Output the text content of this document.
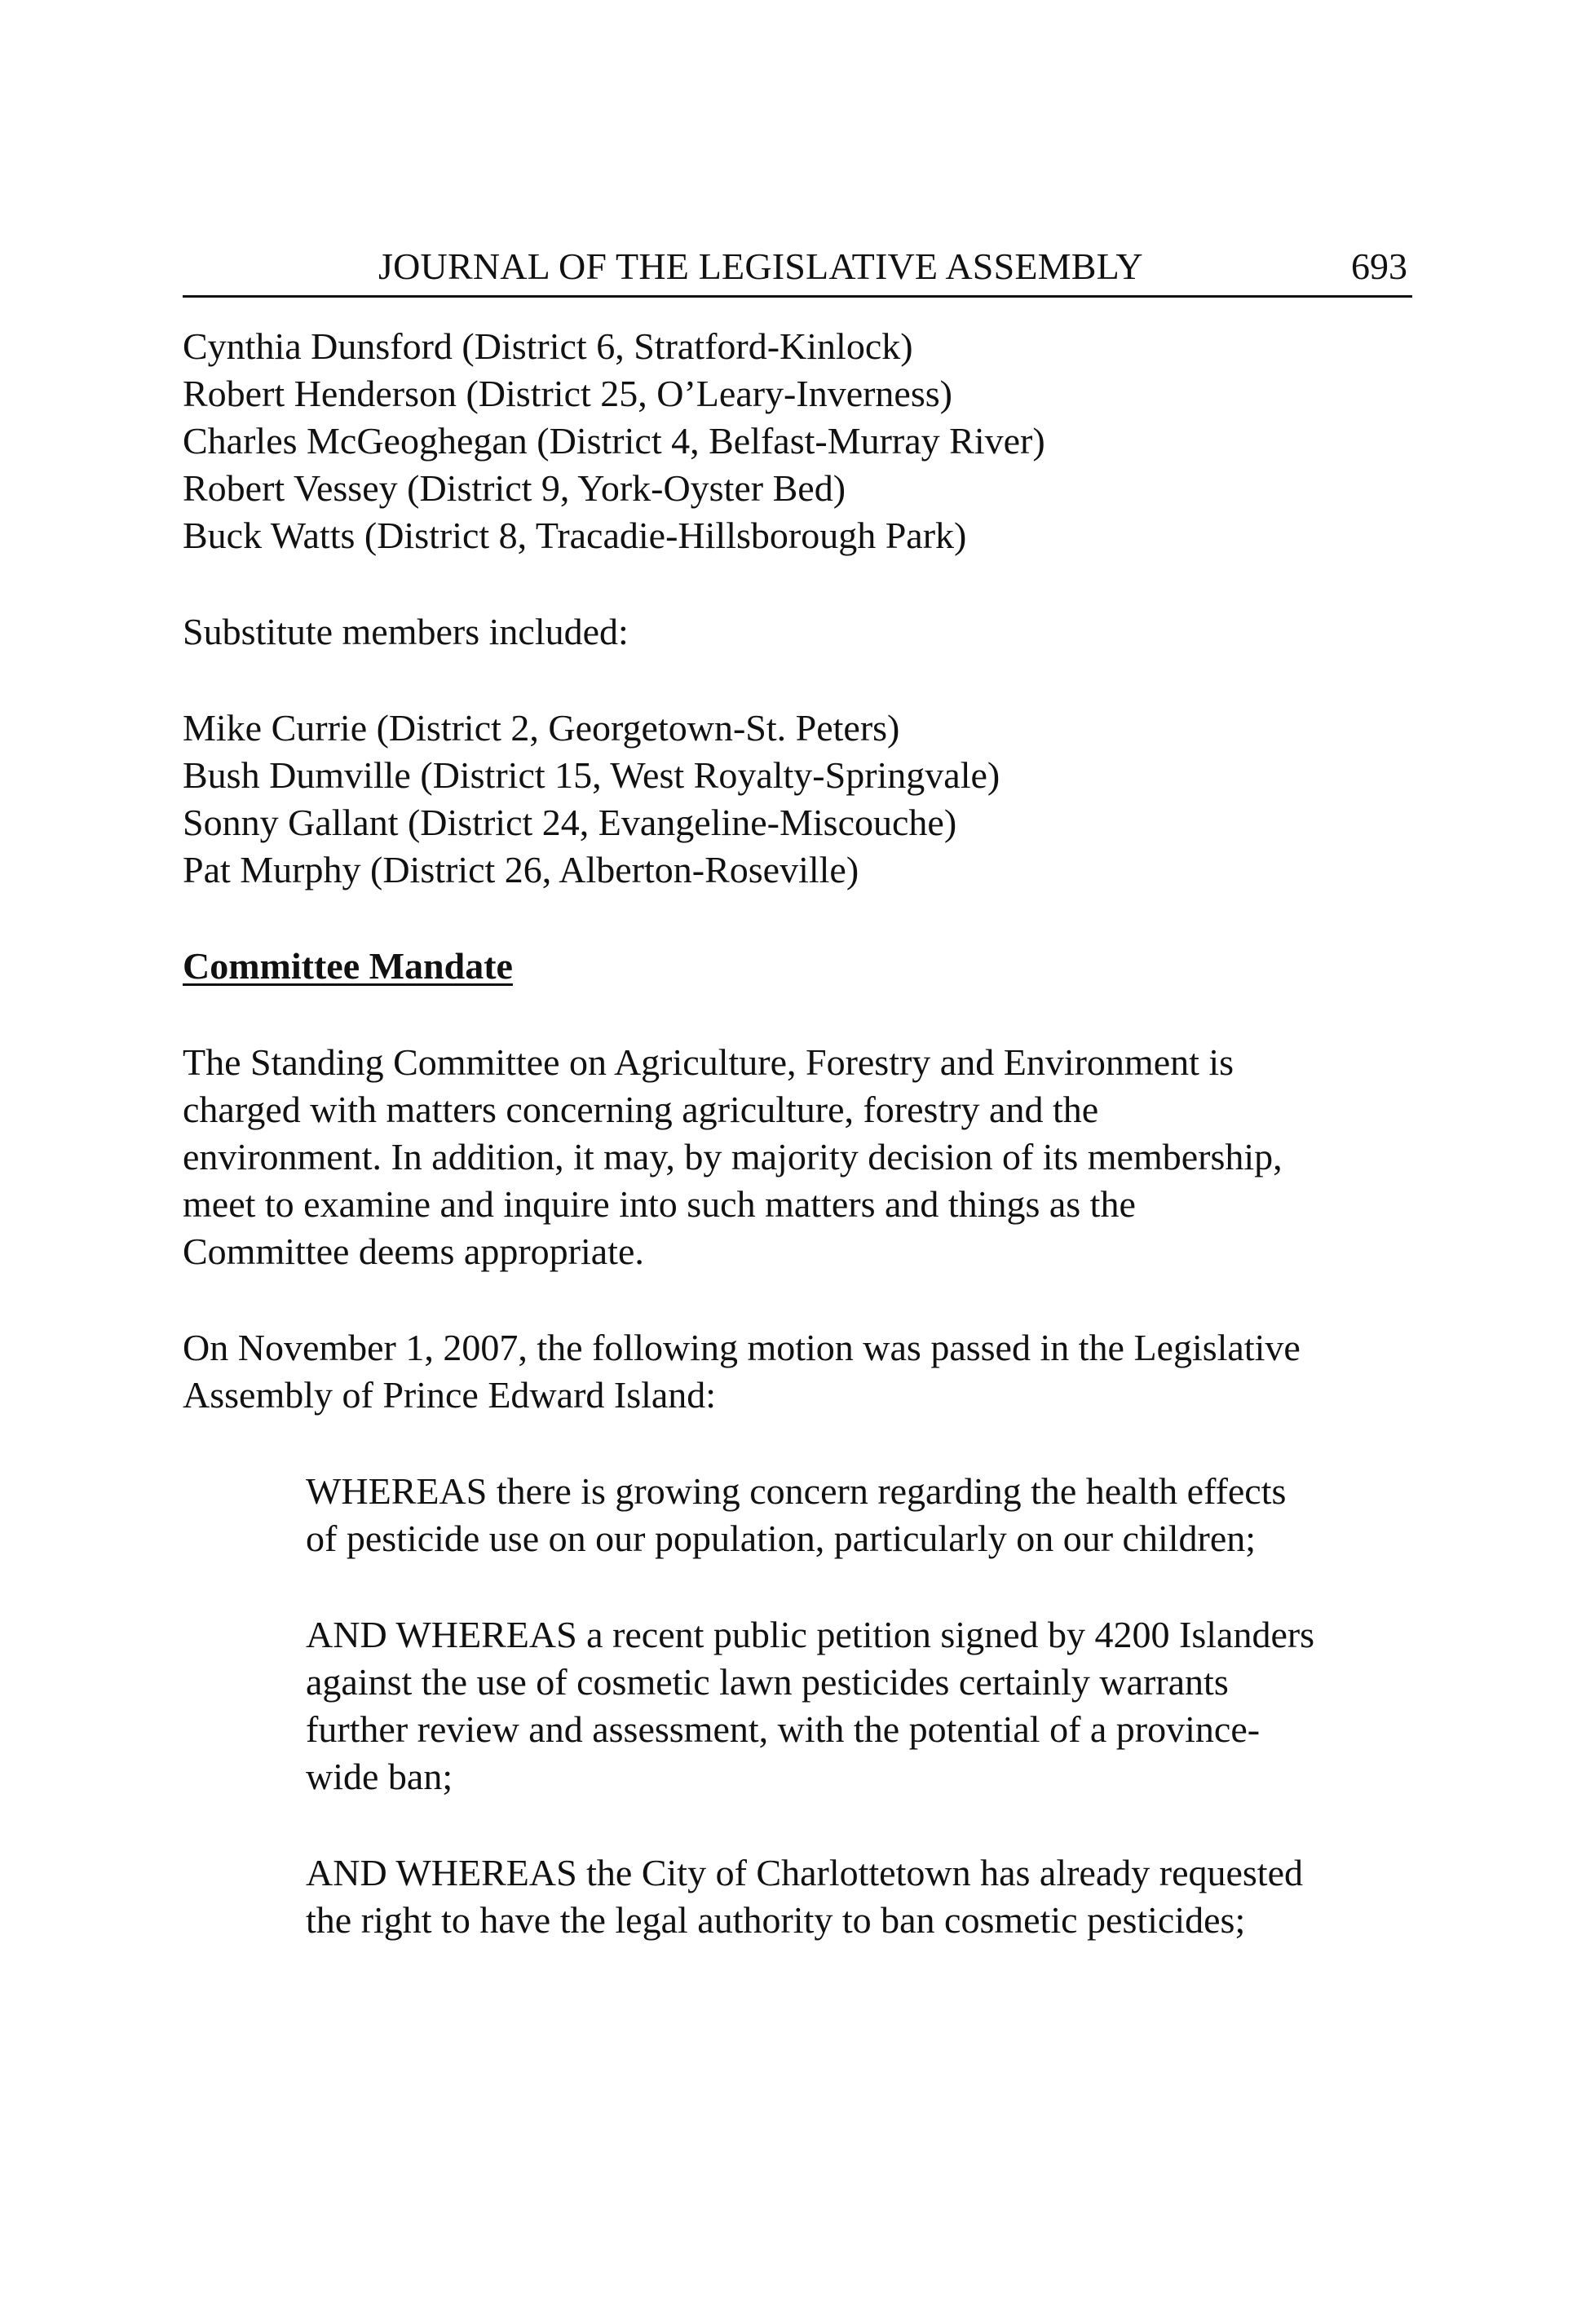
JOURNAL OF THE LEGISLATIVE ASSEMBLY	693

Cynthia Dunsford (District 6, Stratford-Kinlock)

Robert Henderson (District 25, O’Leary-Inverness)

Charles McGeoghegan (District 4, Belfast-Murray River)

Robert Vessey (District 9, York-Oyster Bed)

Buck Watts (District 8, Tracadie-Hillsborough Park)

Substitute members included:

Mike Currie (District 2, Georgetown-St. Peters)

Bush Dumville (District 15, West Royalty-Springvale)

Sonny Gallant (District 24, Evangeline-Miscouche)

Pat Murphy (District 26, Alberton-Roseville)

Committee Mandate

The Standing Committee on Agriculture, Forestry and Environment is

charged with matters concerning agriculture, forestry and the

environment. In addition, it may, by majority decision of its membership,

meet to examine and inquire into such matters and things as the

Committee deems appropriate.

On November 1, 2007, the following motion was passed in the Legislative

Assembly of Prince Edward Island:

WHEREAS there is growing concern regarding the health effects

of pesticide use on our population, particularly on our children;

AND WHEREAS a recent public petition signed by 4200 Islanders

against the use of cosmetic lawn pesticides certainly warrants

further review and assessment, with the potential of a province-

wide ban;

AND WHEREAS the City of Charlottetown has already requested

the right to have the legal authority to ban cosmetic pesticides;
